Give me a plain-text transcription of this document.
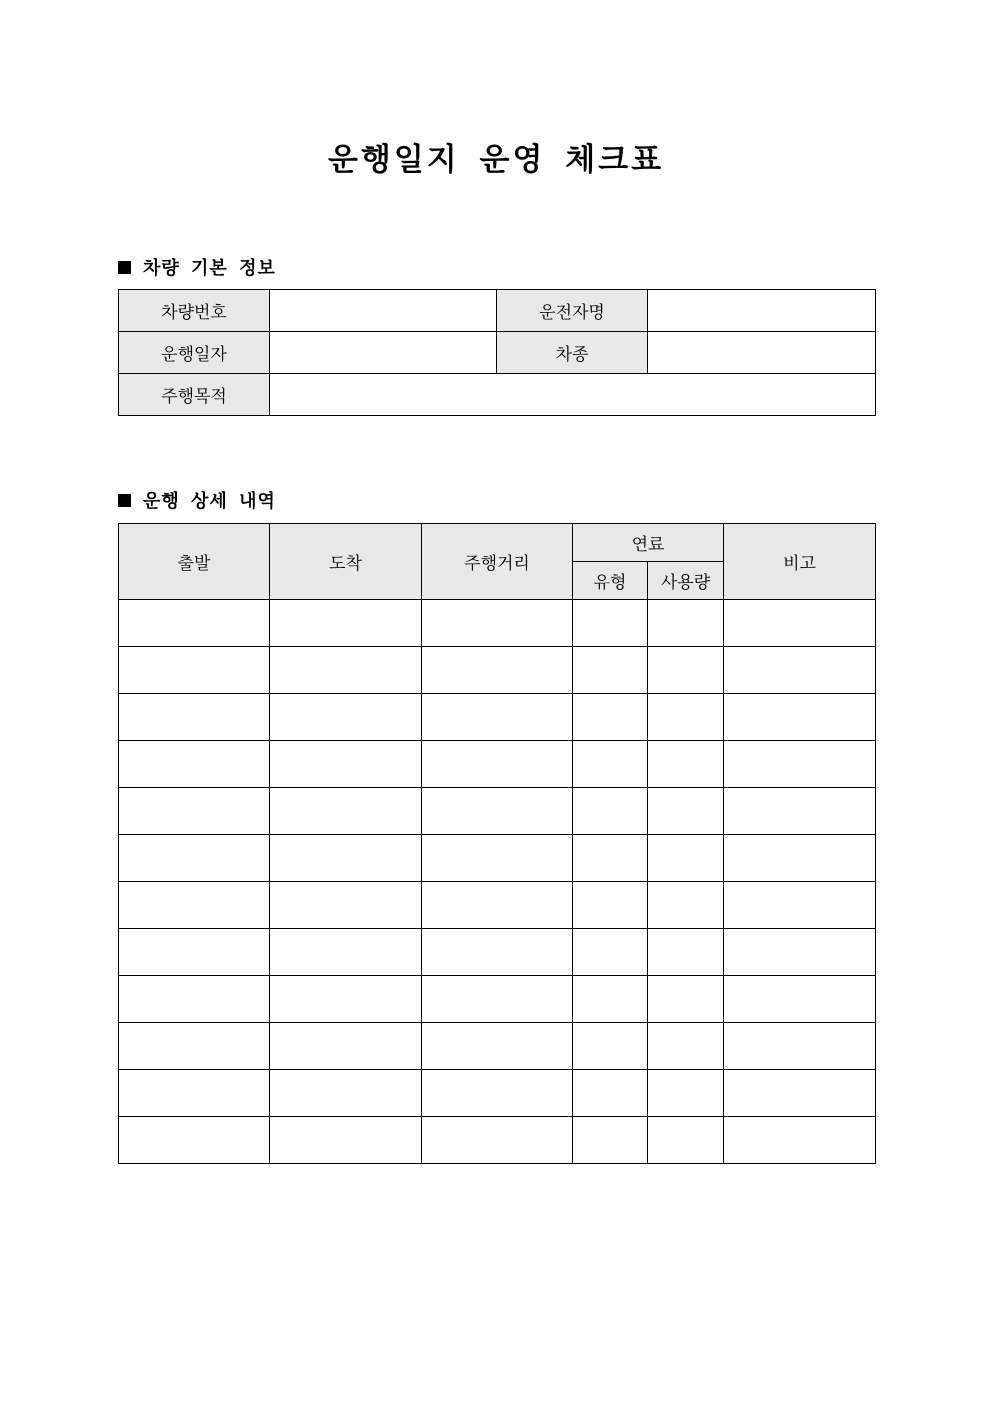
운행일지 운영 체크표
차량 기본 정보
차량번호		운전자명	
운행일자		차종	
주행목적			
운행 상세 내역
출발	도착	주행거리	연료		비고
			유형	사용량	
